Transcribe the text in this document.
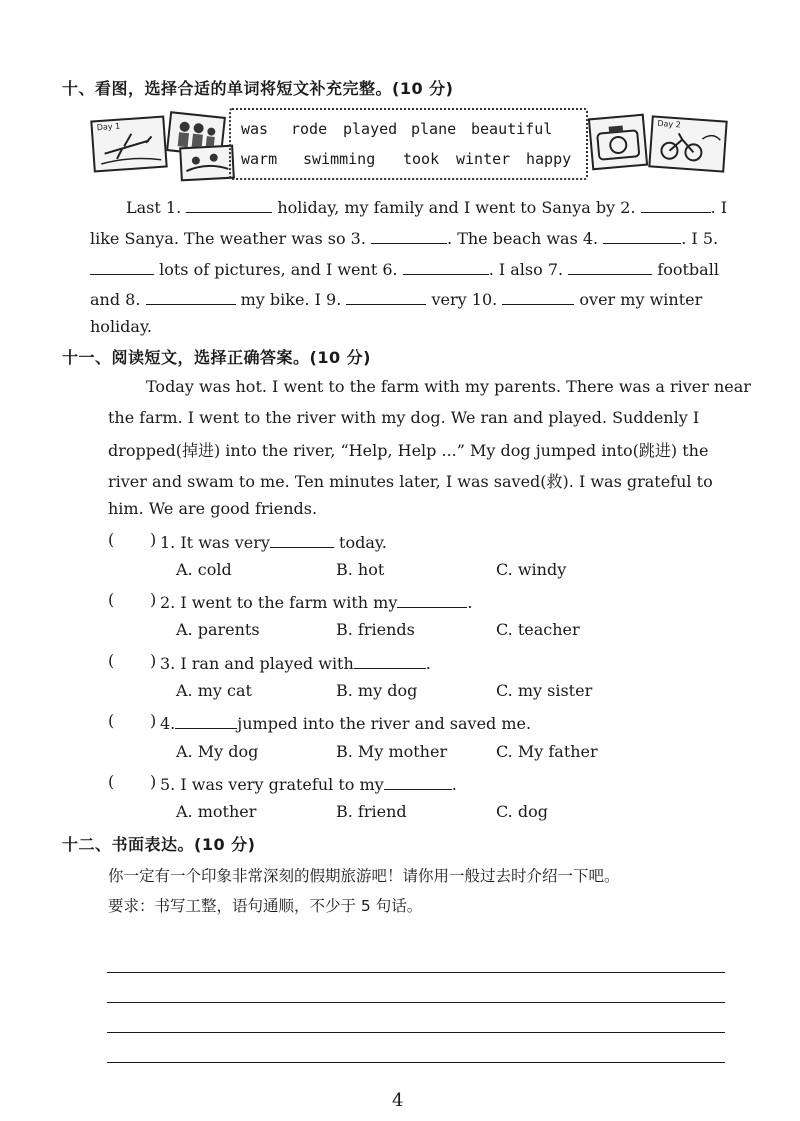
十、看图，选择合适的单词将短文补充完整。(10 分)
Day 1	was rode played plane beautiful
warm swimming took winter happy
Day 2
Last 1.	holiday, my family and I went to Sanya by 2.	. I
like Sanya. The weather was so 3.	. The beach was 4.	. I 5.
lots of pictures, and I went 6.	. I also 7.	football
and 8.	my bike. I 9.	very 10.	over my winter
holiday.
十一、阅读短文，选择正确答案。(10 分)
Today was hot. I went to the farm with my parents. There was a river near
the farm. I went to the river with my dog. We ran and played. Suddenly I
dropped(掉进) into the river, “Help, Help ...” My dog jumped into(跳进) the
river and swam to me. Ten minutes later, I was saved(救). I was grateful to
him. We are good friends.
( ) 1. It was very	today.
A. cold	B. hot	C. windy
( ) 2. I went to the farm with my	.
A. parents	B. friends	C. teacher
( ) 3. I ran and played with	.
A. my cat	B. my dog	C. my sister
( ) 4.	jumped into the river and saved me.
A. My dog	B. My mother	C. My father
( ) 5. I was very grateful to my	.
A. mother	B. friend	C. dog
十二、书面表达。(10 分)
你一定有一个印象非常深刻的假期旅游吧！请你用一般过去时介绍一下吧。
要求：书写工整，语句通顺，不少于 5 句话。
4
